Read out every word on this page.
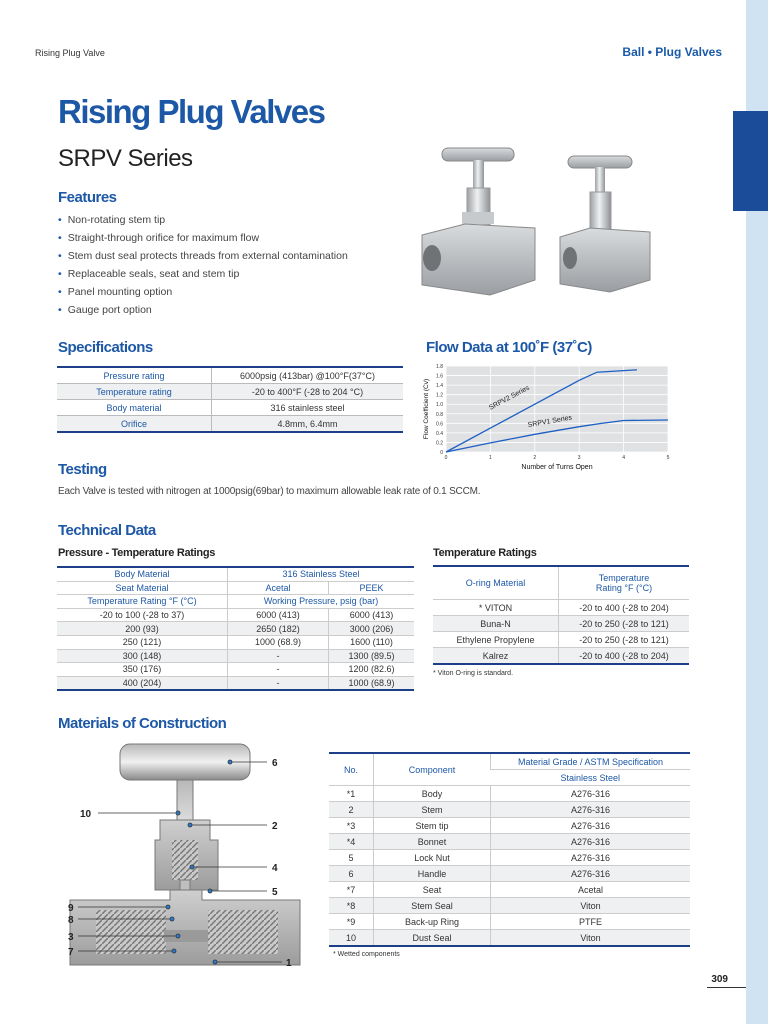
Rising Plug Valve	Ball • Plug Valves
Rising Plug Valves
SRPV Series
Features
• Non-rotating stem tip
• Straight-through orifice for maximum flow
• Stem dust seal protects threads from external contamination
• Replaceable seals, seat and stem tip
• Panel mounting option
• Gauge port option
Specifications
Pressure rating	6000psig (413bar) @100°F(37°C)
Temperature rating	-20 to 400°F (-28 to 204 °C)
Body material	316 stainless steel
Orifice	4.8mm, 6.4mm
Flow Data at 100˚F (37˚C)
0
0.2
0.4
0.6
0.8
1.0
1.2
1.4
1.6
1.8
0	1	2	3	4	5
SRPV2 Series
SRPV1 Series
Number of Turns Open
Flow Coefficient (Cv)
Testing
Each Valve is tested with nitrogen at 1000psig(69bar) to maximum allowable leak rate of 0.1 SCCM.
Technical Data
Pressure - Temperature Ratings
Body Material	316 Stainless Steel	
Seat Material	Acetal	PEEK
Temperature Rating °F (°C)	Working Pressure, psig (bar)	
-20 to 100 (-28 to 37)	6000 (413)	6000 (413)
200 (93)	2650 (182)	3000 (206)
250 (121)	1000 (68.9)	1600 (110)
300 (148)	-	1300 (89.5)
350 (176)	-	1200 (82.6)
400 (204)	-	1000 (68.9)
Temperature Ratings
O-ring Material	Temperature
Rating °F (°C)
* VITON	-20 to 400 (-28 to 204)
Buna-N	-20 to 250 (-28 to 121)
Ethylene Propylene	-20 to 250 (-28 to 121)
Kalrez	-20 to 400 (-28 to 204)
* Viton O-ring is standard.
Materials of Construction
6
10
2
4
5
9
8
3
7
1
No.	Component	Material Grade / ASTM Specification
		Stainless Steel
*1	Body	A276-316
2	Stem	A276-316
*3	Stem tip	A276-316
*4	Bonnet	A276-316
5	Lock Nut	A276-316
6	Handle	A276-316
*7	Seat	Acetal
*8	Stem Seal	Viton
*9	Back-up Ring	PTFE
10	Dust Seal	Viton
* Wetted components
309
